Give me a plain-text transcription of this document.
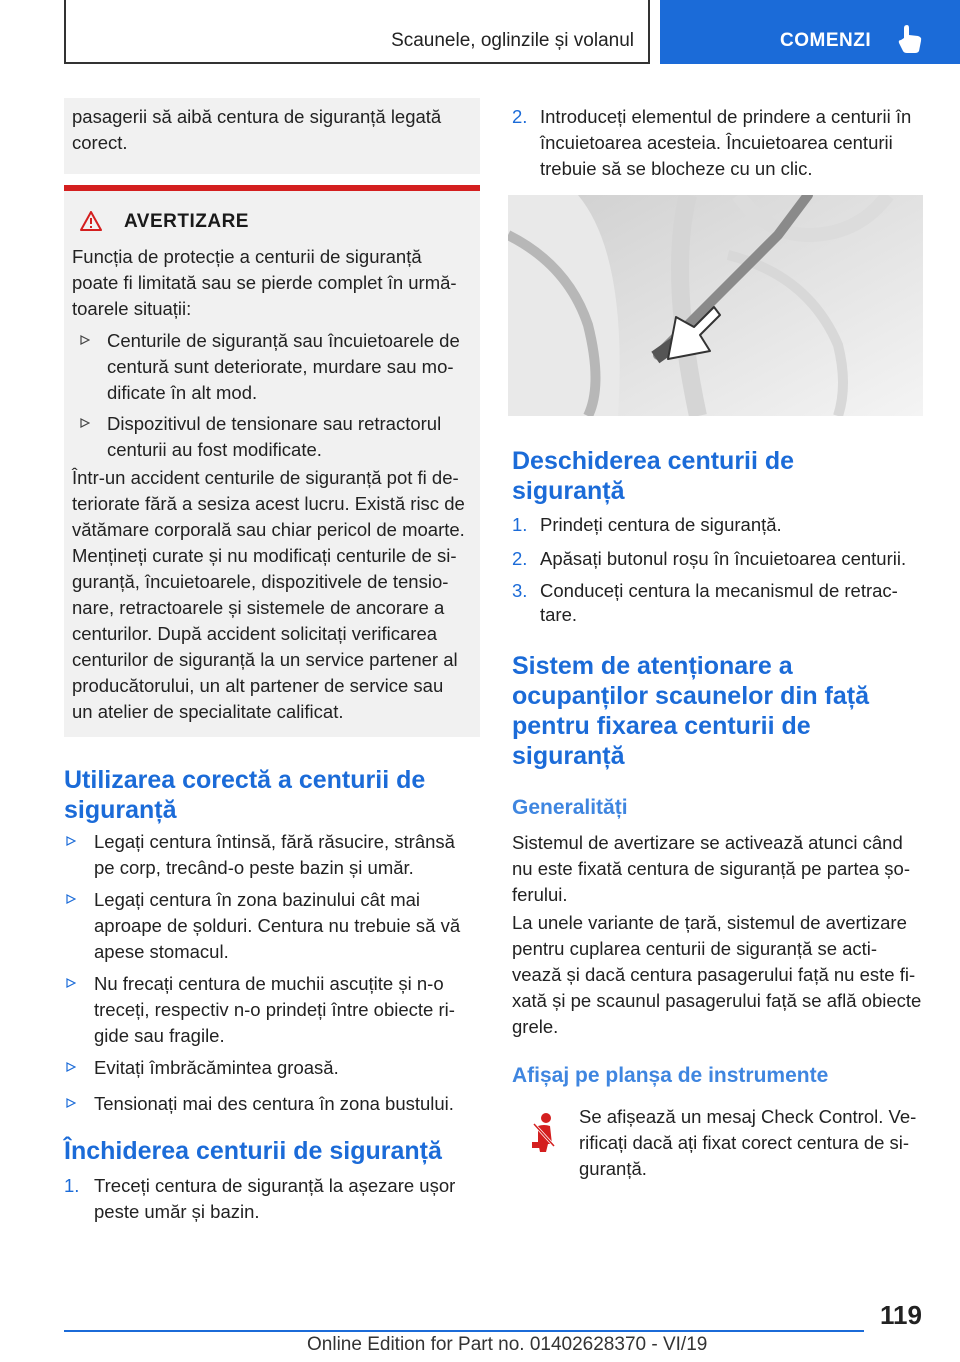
Scaunele, oglinzile și volanul	COMENZI
pasagerii să aibă centura de siguranță legată
corect.
AVERTIZARE
Funcția de protecție a centurii de siguranță
poate fi limitată sau se pierde complet în urmă-
toarele situații:
Centurile de siguranță sau încuietoarele de
centură sunt deteriorate, murdare sau mo-
dificate în alt mod.
Dispozitivul de tensionare sau retractorul
centurii au fost modificate.
Într-un accident centurile de siguranță pot fi de-
teriorate fără a sesiza acest lucru. Există risc de
vătămare corporală sau chiar pericol de moarte.
Mențineți curate și nu modificați centurile de si-
guranță, încuietoarele, dispozitivele de tensio-
nare, retractoarele și sistemele de ancorare a
centurilor. După accident solicitați verificarea
centurilor de siguranță la un service partener al
producătorului, un alt partener de service sau
un atelier de specialitate calificat.
Utilizarea corectă a centurii de
siguranță
Legați centura întinsă, fără răsucire, strânsă
pe corp, trecând-o peste bazin și umăr.
Legați centura în zona bazinului cât mai
aproape de șolduri. Centura nu trebuie să vă
apese stomacul.
Nu frecați centura de muchii ascuțite și n-o
treceți, respectiv n-o prindeți între obiecte ri-
gide sau fragile.
Evitați îmbrăcămintea groasă.
Tensionați mai des centura în zona bustului.
Închiderea centurii de siguranță
1. Treceți centura de siguranță la așezare ușor
peste umăr și bazin.
2. Introduceți elementul de prindere a centurii în
încuietoarea acesteia. Încuietoarea centurii
trebuie să se blocheze cu un clic.
Deschiderea centurii de
siguranță
1. Prindeți centura de siguranță.
2. Apăsați butonul roșu în încuietoarea centurii.
3. Conduceți centura la mecanismul de retrac-
tare.
Sistem de atenționare a
ocupanților scaunelor din față
pentru fixarea centurii de
siguranță
Generalități
Sistemul de avertizare se activează atunci când
nu este fixată centura de siguranță pe partea șo-
ferului.
La unele variante de țară, sistemul de avertizare
pentru cuplarea centurii de siguranță se acti-
vează și dacă centura pasagerului față nu este fi-
xată și pe scaunul pasagerului față se află obiecte
grele.
Afișaj pe planșa de instrumente
Se afișează un mesaj Check Control. Ve-
rificați dacă ați fixat corect centura de si-
guranță.
119
Online Edition for Part no. 01402628370 - VI/19
